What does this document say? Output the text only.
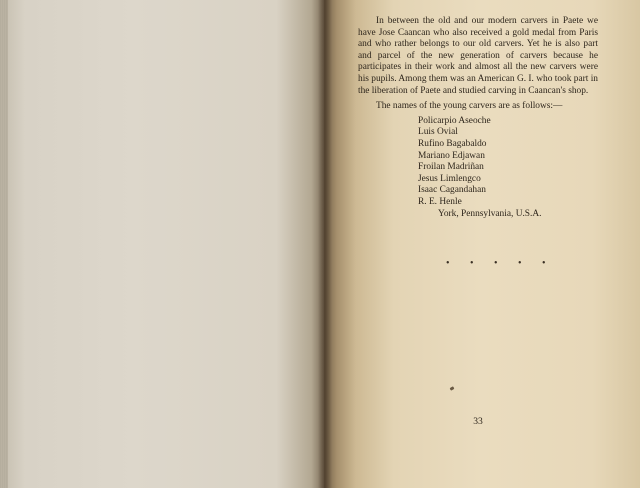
In between the old and our modern carvers in Paete we have Jose Caancan who also received a gold medal from Paris and who rather belongs to our old carvers. Yet he is also part and parcel of the new generation of carvers because he participates in their work and almost all the new carvers were his pupils. Among them was an American G. I. who took part in the liberation of Paete and studied carving in Caancan's shop.

The names of the young carvers are as follows:—

Policarpio Aseoche
Luis Ovial
Rufino Bagabaldo
Mariano Edjawan
Froilan Madriñan
Jesus Limlengco
Isaac Cagandahan
R. E. Henle
York, Pennsylvania, U.S.A.
• • • • •
33
